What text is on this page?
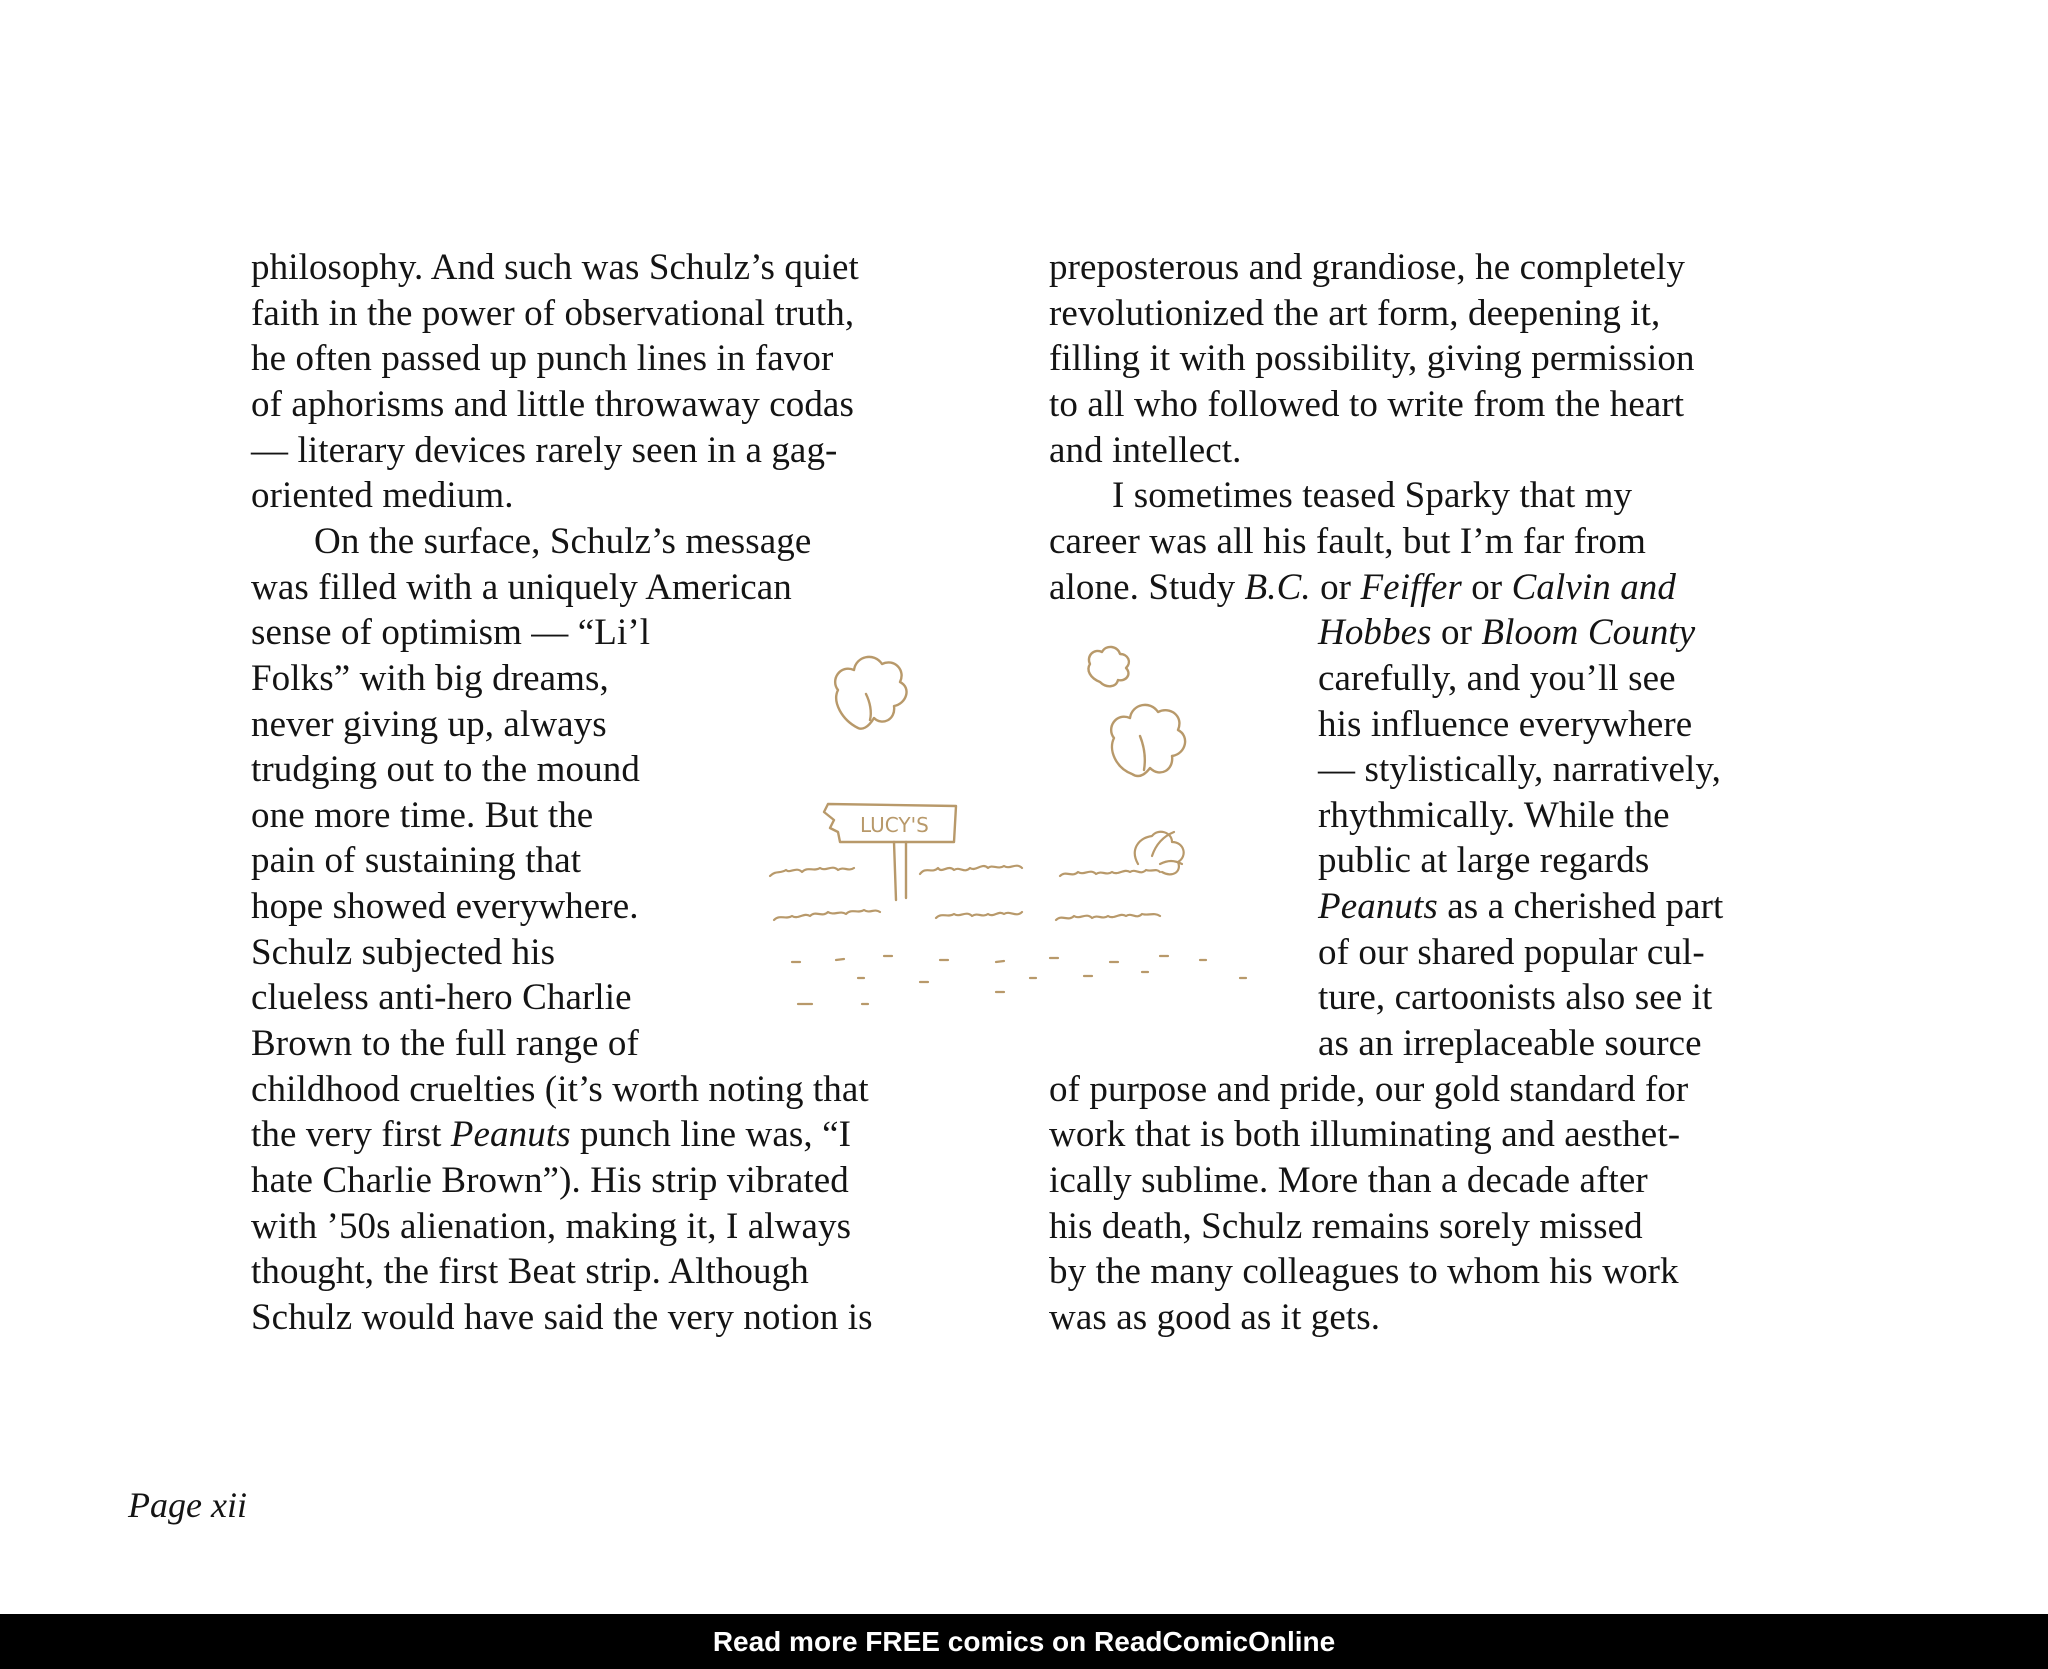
philosophy. And such was Schulz’s quiet
faith in the power of observational truth,
he often passed up punch lines in favor
of aphorisms and little throwaway codas
— literary devices rarely seen in a gag-
oriented medium.
On the surface, Schulz’s message
was filled with a uniquely American
sense of optimism — “Li’l
Folks” with big dreams,
never giving up, always
trudging out to the mound
one more time. But the
pain of sustaining that
hope showed everywhere.
Schulz subjected his
clueless anti-hero Charlie
Brown to the full range of
childhood cruelties (it’s worth noting that
the very first Peanuts punch line was, “I
hate Charlie Brown”). His strip vibrated
with ’50s alienation, making it, I always
thought, the first Beat strip. Although
Schulz would have said the very notion is
preposterous and grandiose, he completely
revolutionized the art form, deepening it,
filling it with possibility, giving permission
to all who followed to write from the heart
and intellect.
I sometimes teased Sparky that my
career was all his fault, but I’m far from
alone. Study B.C. or Feiffer or Calvin and
Hobbes or Bloom County
carefully, and you’ll see
his influence everywhere
— stylistically, narratively,
rhythmically. While the
public at large regards
Peanuts as a cherished part
of our shared popular cul-
ture, cartoonists also see it
as an irreplaceable source
of purpose and pride, our gold standard for
work that is both illuminating and aesthet-
ically sublime. More than a decade after
his death, Schulz remains sorely missed
by the many colleagues to whom his work
was as good as it gets.
LUCY'S
Page xii
Read more FREE comics on ReadComicOnline
